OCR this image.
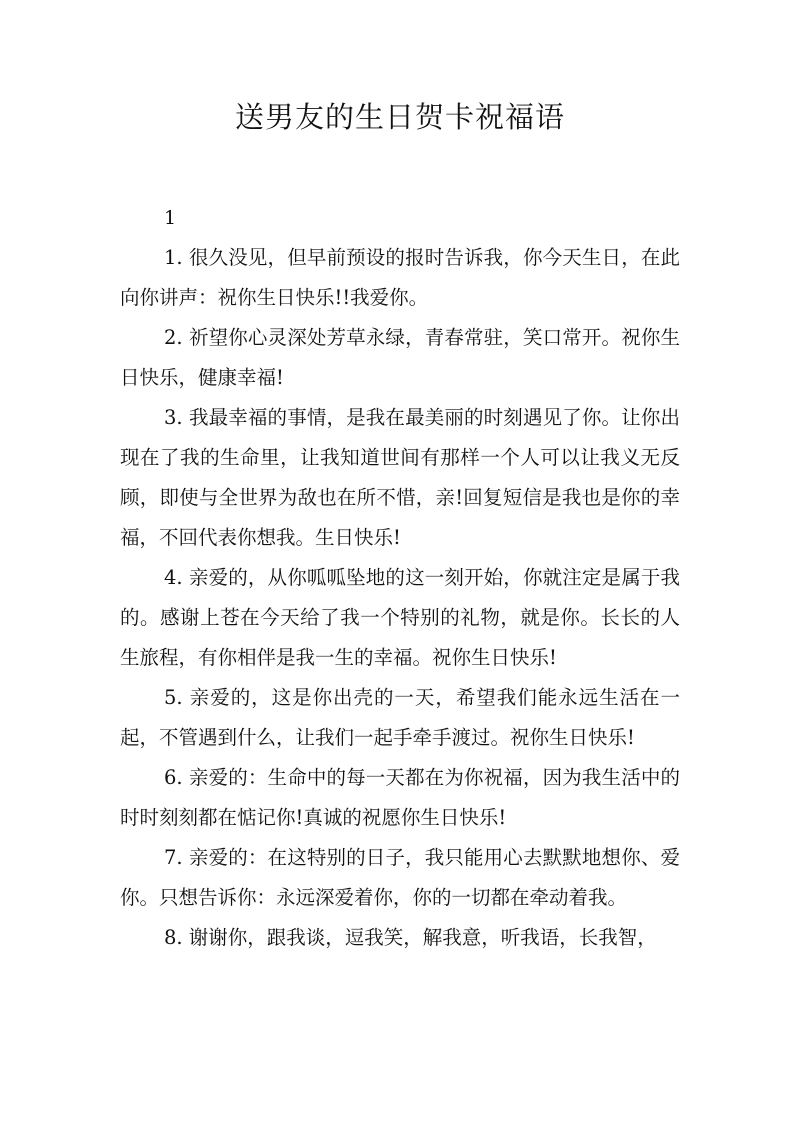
送男友的生日贺卡祝福语

1

1. 很久没见，但早前预设的报时告诉我，你今天生日，在此向你讲声：祝你生日快乐!!我爱你。

2. 祈望你心灵深处芳草永绿，青春常驻，笑口常开。祝你生日快乐，健康幸福!

3. 我最幸福的事情，是我在最美丽的时刻遇见了你。让你出现在了我的生命里，让我知道世间有那样一个人可以让我义无反顾，即使与全世界为敌也在所不惜，亲!回复短信是我也是你的幸福，不回代表你想我。生日快乐!

4. 亲爱的，从你呱呱坠地的这一刻开始，你就注定是属于我的。感谢上苍在今天给了我一个特别的礼物，就是你。长长的人生旅程，有你相伴是我一生的幸福。祝你生日快乐!

5. 亲爱的，这是你出壳的一天，希望我们能永远生活在一起，不管遇到什么，让我们一起手牵手渡过。祝你生日快乐!

6. 亲爱的：生命中的每一天都在为你祝福，因为我生活中的时时刻刻都在惦记你!真诚的祝愿你生日快乐!

7. 亲爱的：在这特别的日子，我只能用心去默默地想你、爱你。只想告诉你：永远深爱着你，你的一切都在牵动着我。

8. 谢谢你，跟我谈，逗我笑，解我意，听我语，长我智，
